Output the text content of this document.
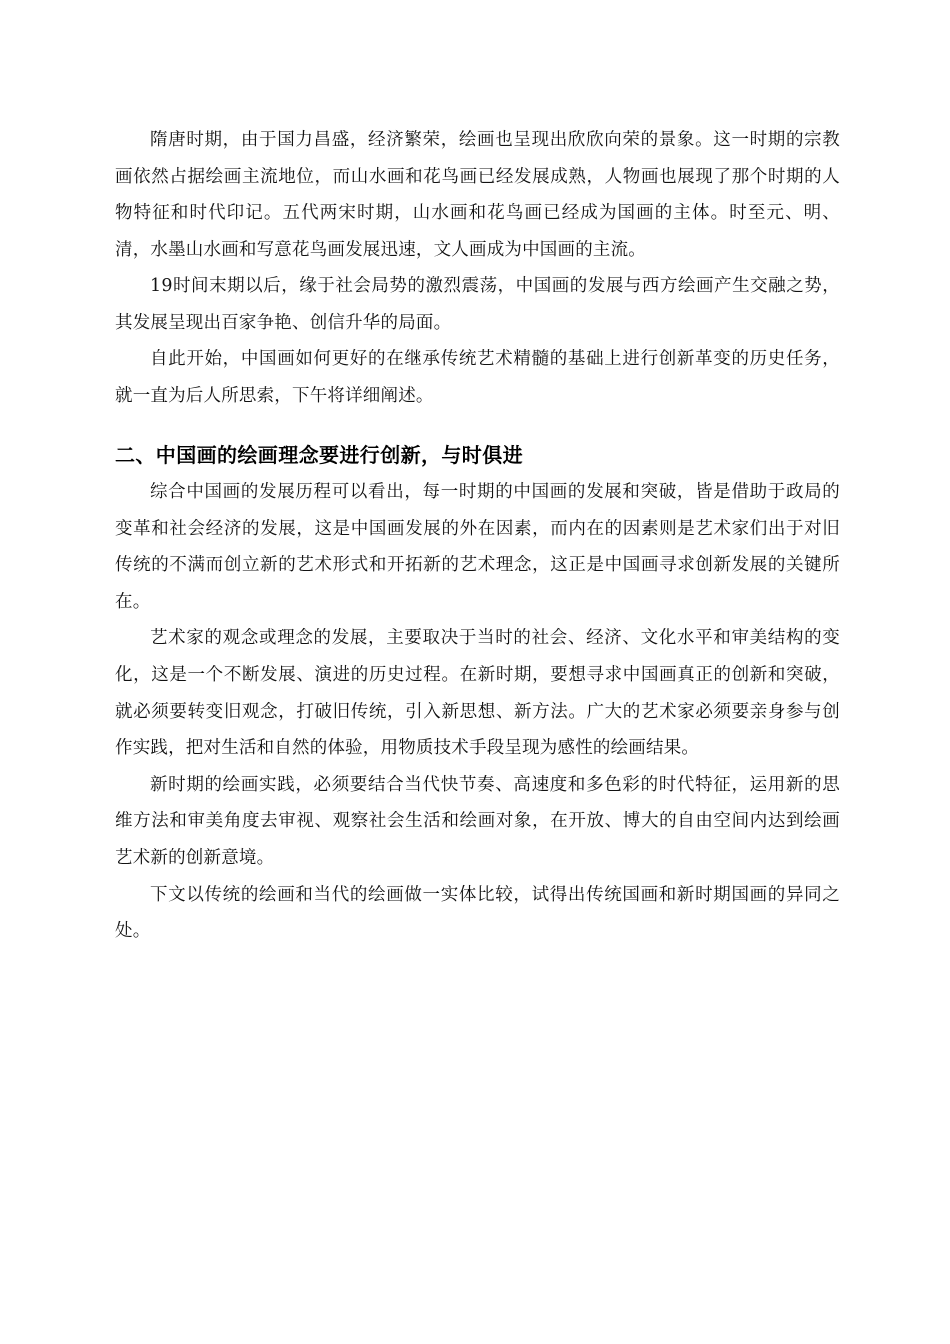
隋唐时期，由于国力昌盛，经济繁荣，绘画也呈现出欣欣向荣的景象。这一时期的宗教画依然占据绘画主流地位，而山水画和花鸟画已经发展成熟，人物画也展现了那个时期的人物特征和时代印记。五代两宋时期，山水画和花鸟画已经成为国画的主体。时至元、明、清，水墨山水画和写意花鸟画发展迅速，文人画成为中国画的主流。

19时间末期以后，缘于社会局势的激烈震荡，中国画的发展与西方绘画产生交融之势，其发展呈现出百家争艳、创信升华的局面。

自此开始，中国画如何更好的在继承传统艺术精髓的基础上进行创新革变的历史任务，就一直为后人所思索，下午将详细阐述。

二、中国画的绘画理念要进行创新，与时俱进

综合中国画的发展历程可以看出，每一时期的中国画的发展和突破，皆是借助于政局的变革和社会经济的发展，这是中国画发展的外在因素，而内在的因素则是艺术家们出于对旧传统的不满而创立新的艺术形式和开拓新的艺术理念，这正是中国画寻求创新发展的关键所在。

艺术家的观念或理念的发展，主要取决于当时的社会、经济、文化水平和审美结构的变化，这是一个不断发展、演进的历史过程。在新时期，要想寻求中国画真正的创新和突破，就必须要转变旧观念，打破旧传统，引入新思想、新方法。广大的艺术家必须要亲身参与创作实践，把对生活和自然的体验，用物质技术手段呈现为感性的绘画结果。

新时期的绘画实践，必须要结合当代快节奏、高速度和多色彩的时代特征，运用新的思维方法和审美角度去审视、观察社会生活和绘画对象，在开放、博大的自由空间内达到绘画艺术新的创新意境。

下文以传统的绘画和当代的绘画做一实体比较，试得出传统国画和新时期国画的异同之处。
